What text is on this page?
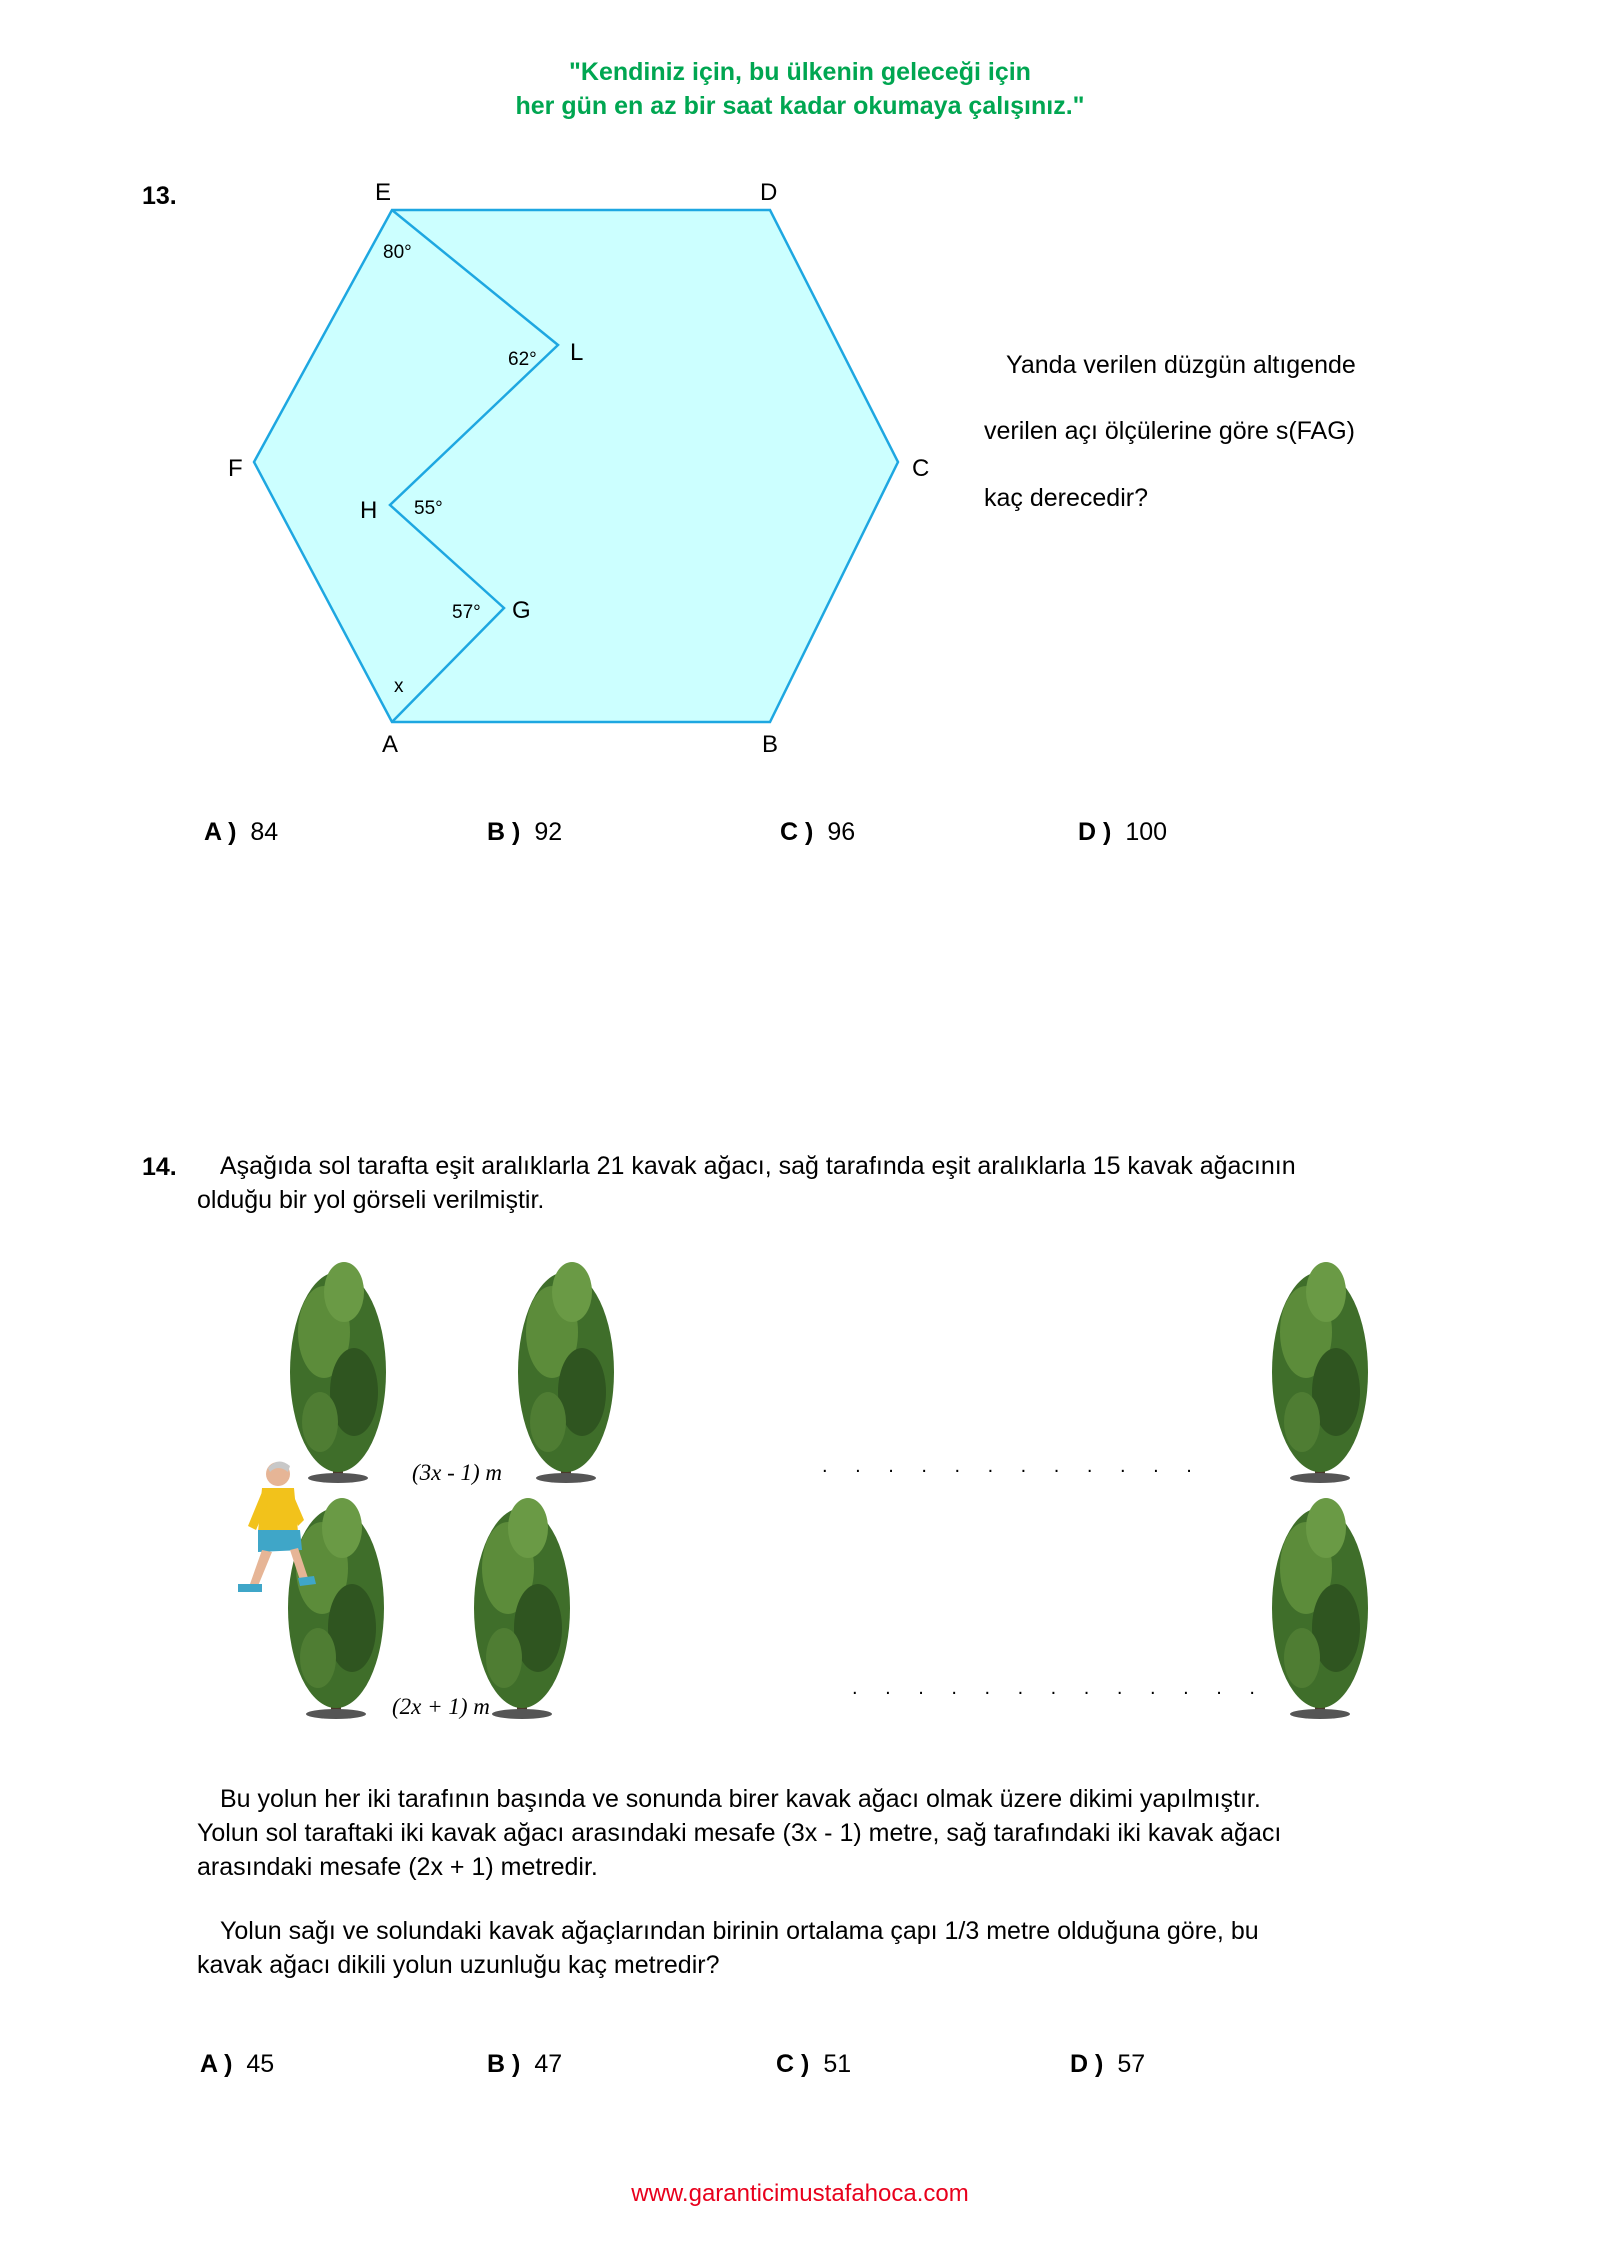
"Kendiniz için, bu ülkenin geleceği için
her gün en az bir saat kadar okumaya çalışınız."
13.	E	D
F	C
A	B
L
H
G
80°
62°
55°
57°
x
Yanda verilen düzgün altıgende
verilen açı ölçülerine göre s(FAG)
kaç derecedir?
A ) 84	B ) 92	C ) 96	D ) 100
14. Aşağıda sol tarafta eşit aralıklarla 21 kavak ağacı, sağ tarafında eşit aralıklarla 15 kavak ağacının
olduğu bir yol görseli verilmiştir.
(3x - 1) m
(2x + 1) m
. . . . . . . . . . . .
. . . . . . . . . . . . .
Bu yolun her iki tarafının başında ve sonunda birer kavak ağacı olmak üzere dikimi yapılmıştır.
Yolun sol taraftaki iki kavak ağacı arasındaki mesafe (3x - 1) metre, sağ tarafındaki iki kavak ağacı
arasındaki mesafe (2x + 1) metredir.
Yolun sağı ve solundaki kavak ağaçlarından birinin ortalama çapı 1/3 metre olduğuna göre, bu
kavak ağacı dikili yolun uzunluğu kaç metredir?
A ) 45	B ) 47	C ) 51	D ) 57
www.garanticimustafahoca.com
